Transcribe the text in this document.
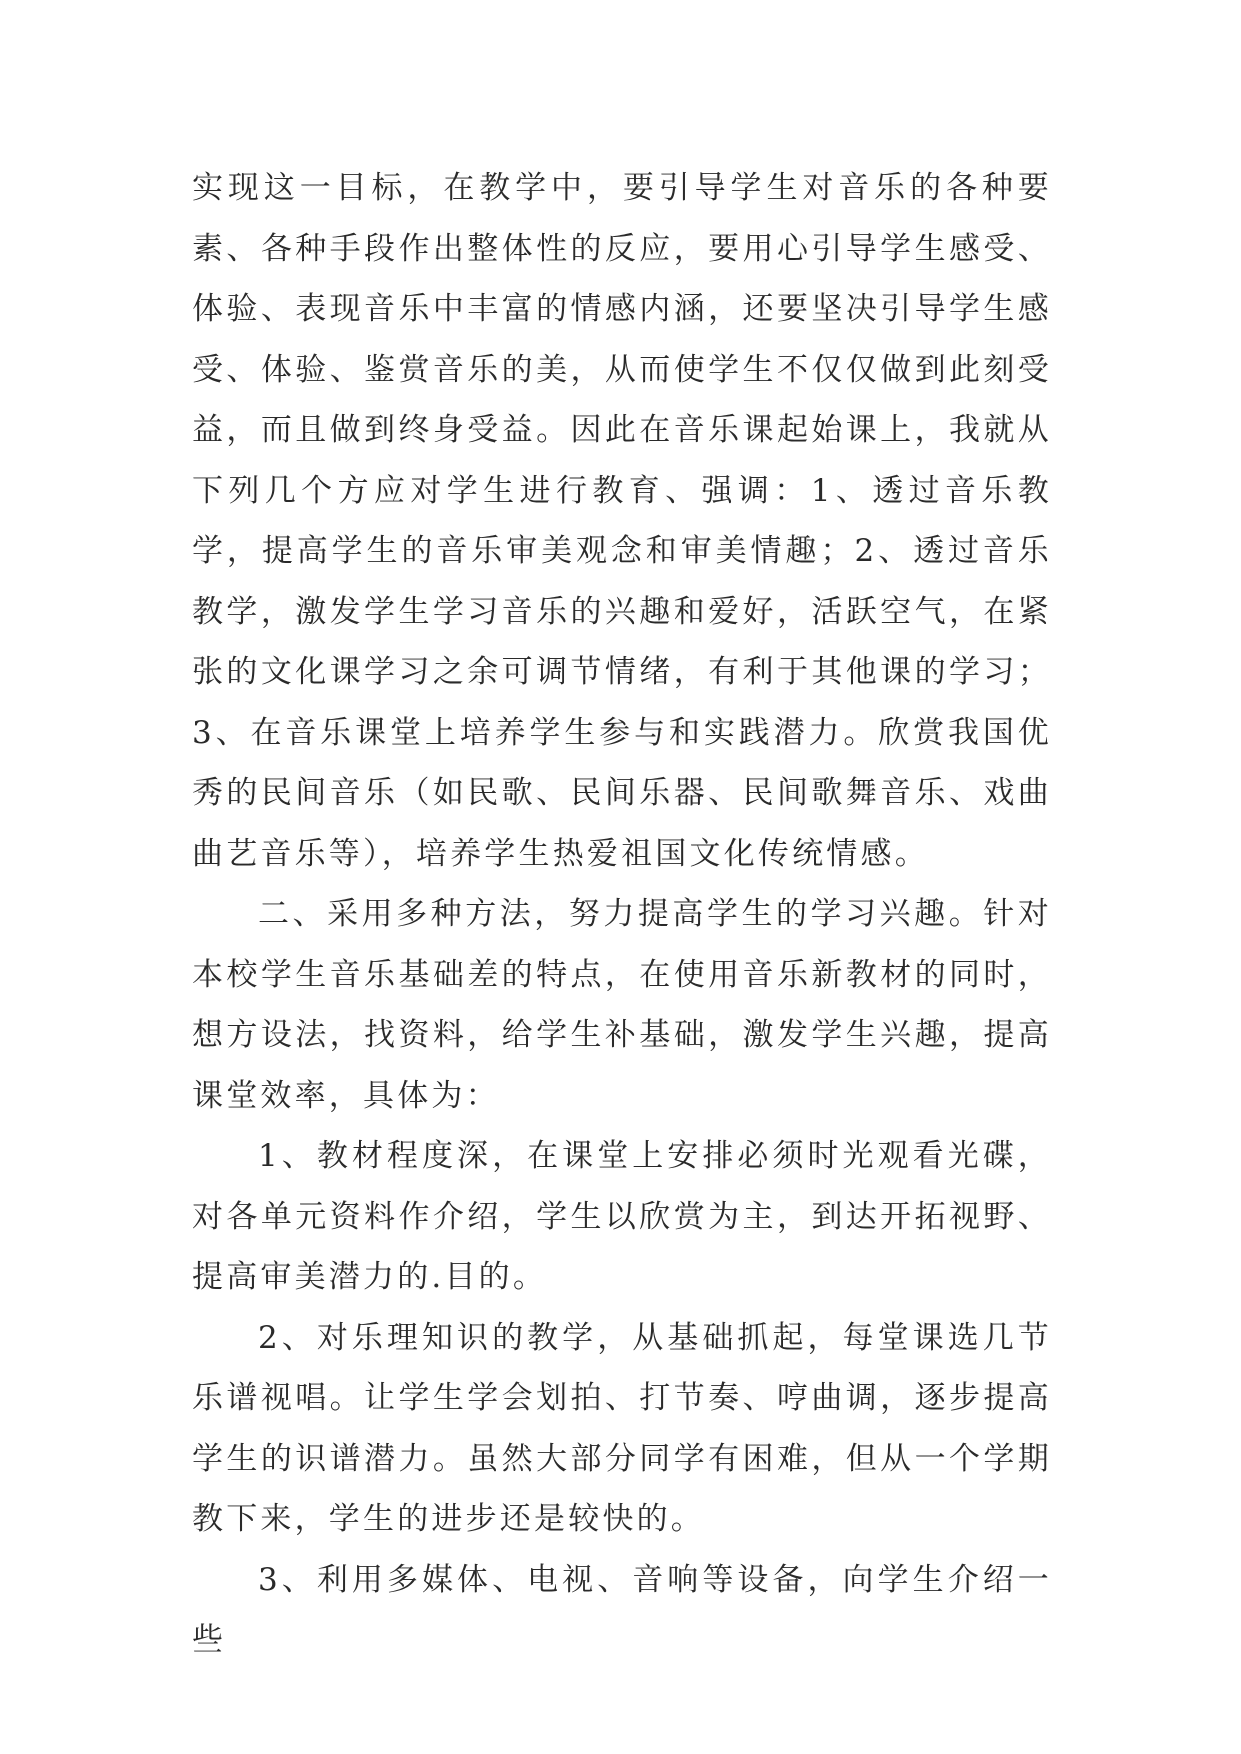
实现这一目标，在教学中，要引导学生对音乐的各种要素、各种手段作出整体性的反应，要用心引导学生感受、体验、表现音乐中丰富的情感内涵，还要坚决引导学生感受、体验、鉴赏音乐的美，从而使学生不仅仅做到此刻受益，而且做到终身受益。因此在音乐课起始课上，我就从下列几个方应对学生进行教育、强调：1、透过音乐教学，提高学生的音乐审美观念和审美情趣；2、透过音乐教学，激发学生学习音乐的兴趣和爱好，活跃空气，在紧张的文化课学习之余可调节情绪，有利于其他课的学习；3、在音乐课堂上培养学生参与和实践潜力。欣赏我国优秀的民间音乐（如民歌、民间乐器、民间歌舞音乐、戏曲曲艺音乐等），培养学生热爱祖国文化传统情感。

二、采用多种方法，努力提高学生的学习兴趣。针对本校学生音乐基础差的特点，在使用音乐新教材的同时，想方设法，找资料，给学生补基础，激发学生兴趣，提高课堂效率，具体为：

1、教材程度深，在课堂上安排必须时光观看光碟，对各单元资料作介绍，学生以欣赏为主，到达开拓视野、提高审美潜力的.目的。

2、对乐理知识的教学，从基础抓起，每堂课选几节乐谱视唱。让学生学会划拍、打节奏、哼曲调，逐步提高学生的识谱潜力。虽然大部分同学有困难，但从一个学期教下来，学生的进步还是较快的。

3、利用多媒体、电视、音响等设备，向学生介绍一些
